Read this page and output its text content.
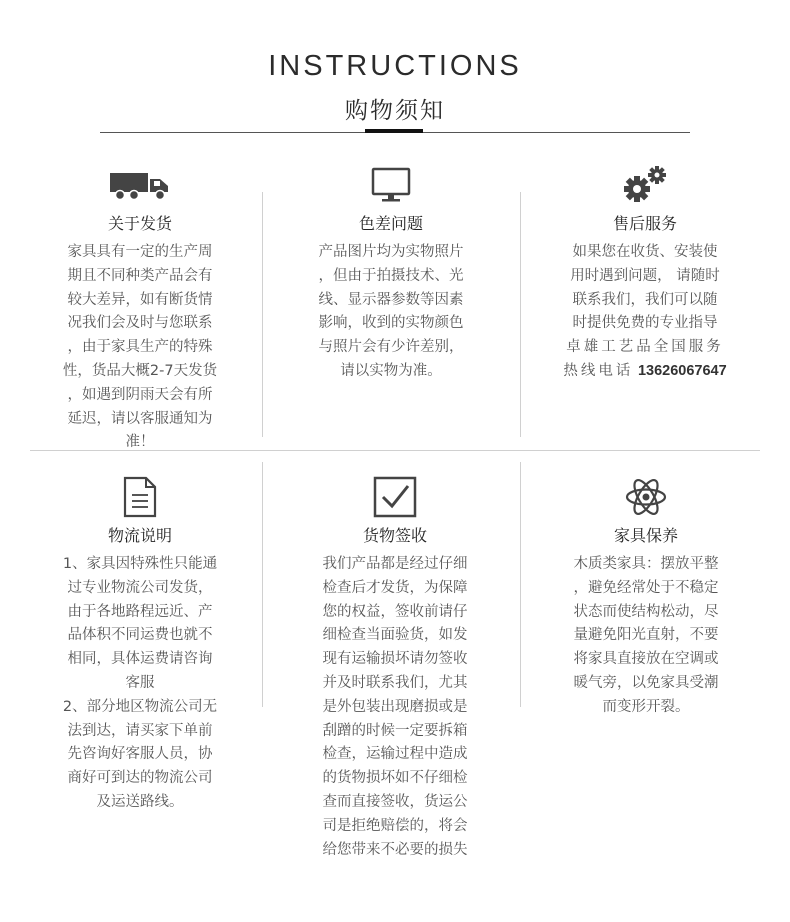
INSTRUCTIONS
购物须知
关于发货
家具具有一定的生产周
期且不同种类产品会有
较大差异，如有断货情
况我们会及时与您联系
，由于家具生产的特殊
性，货品大概2-7天发货
，如遇到阴雨天会有所
延迟，请以客服通知为
准！
色差问题
产品图片均为实物照片
，但由于拍摄技术、光
线、显示器参数等因素
影响，收到的实物颜色
与照片会有少许差别，
请以实物为准。
售后服务
如果您在收货、安装使
用时遇到问题， 请随时
联系我们，我们可以随
时提供免费的专业指导
卓雄工艺品全国服务
热线电话 13626067647
物流说明
1、家具因特殊性只能通
过专业物流公司发货，
由于各地路程远近、产
品体积不同运费也就不
相同，具体运费请咨询
客服
2、部分地区物流公司无
法到达，请买家下单前
先咨询好客服人员，协
商好可到达的物流公司
及运送路线。
货物签收
我们产品都是经过仔细
检查后才发货，为保障
您的权益，签收前请仔
细检查当面验货，如发
现有运输损坏请勿签收
并及时联系我们，尤其
是外包装出现磨损或是
刮蹭的时候一定要拆箱
检查，运输过程中造成
的货物损坏如不仔细检
查而直接签收，货运公
司是拒绝赔偿的，将会
给您带来不必要的损失
家具保养
木质类家具：摆放平整
，避免经常处于不稳定
状态而使结构松动，尽
量避免阳光直射，不要
将家具直接放在空调或
暖气旁，以免家具受潮
而变形开裂。
